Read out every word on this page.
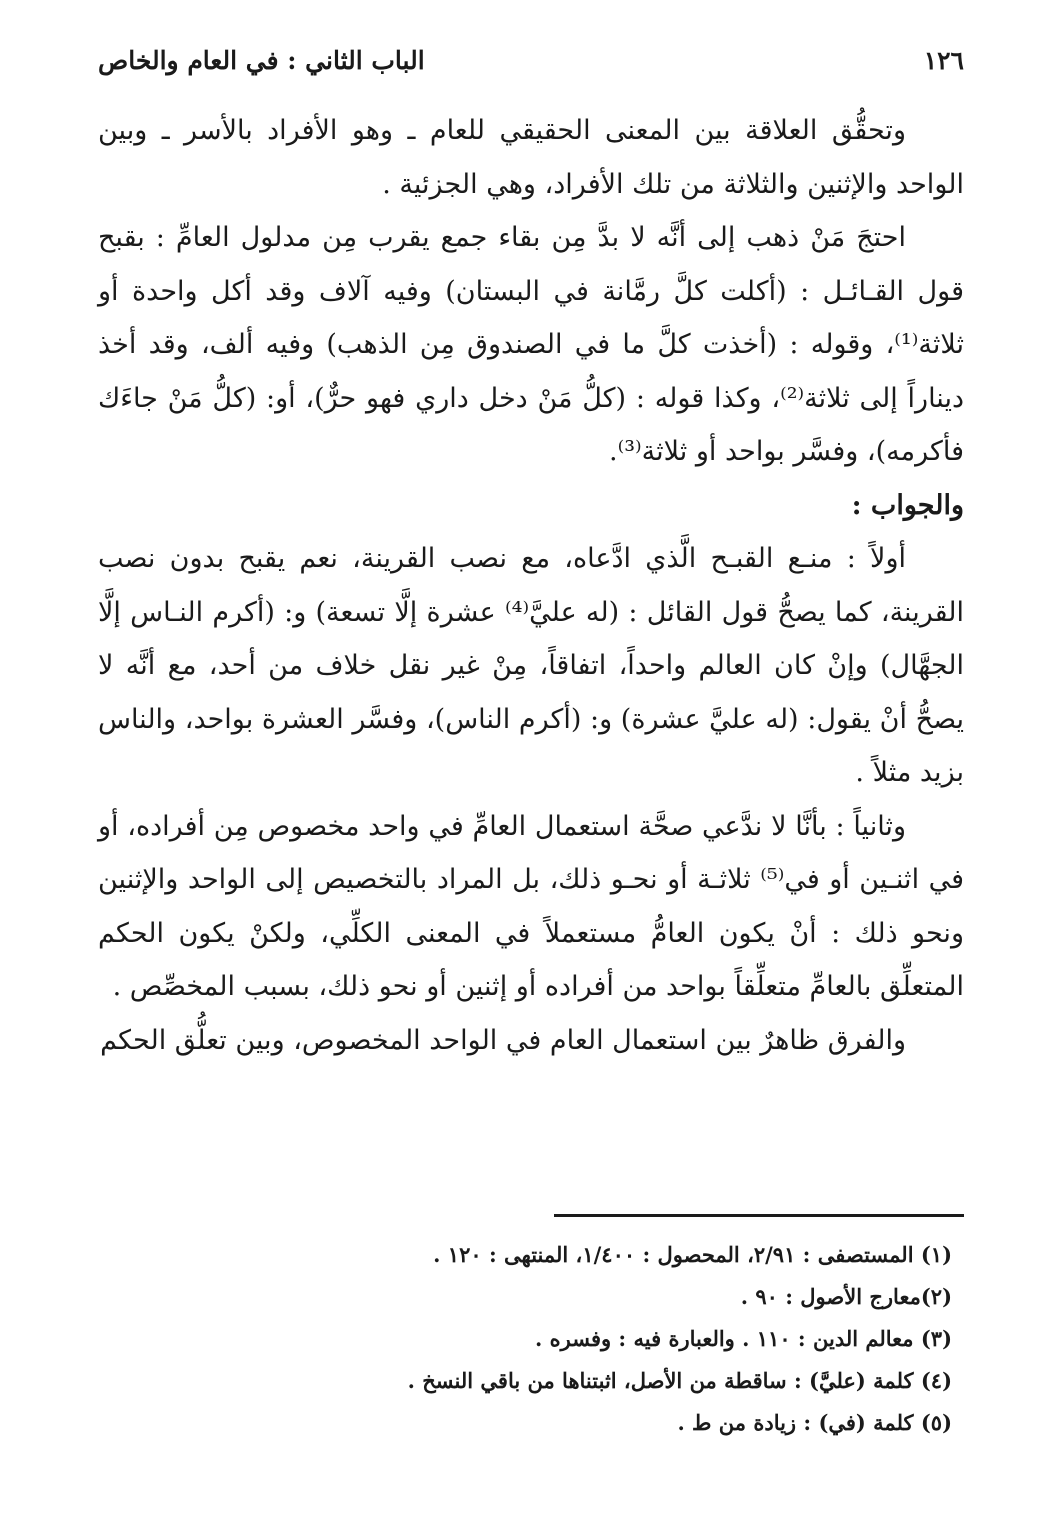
١٢٦
الباب الثاني : في العام والخاص

وتحقُّق العلاقة بين المعنى الحقيقي للعام ـ وهو الأفراد بالأسر ـ وبين الواحد والإثنين والثلاثة من تلك الأفراد، وهي الجزئية .

احتجَ مَنْ ذهب إلى أنَّه لا بدَّ مِن بقاء جمع يقرب مِن مدلول العامِّ : بقبح قول القـائـل : (أكلت كلَّ رمَّانة في البستان) وفيه آلاف وقد أكل واحدة أو ثلاثة⁽¹⁾، وقوله : (أخذت كلَّ ما في الصندوق مِن الذهب) وفيه ألف، وقد أخذ ديناراً إلى ثلاثة⁽²⁾، وكذا قوله : (كلُّ مَنْ دخل داري فهو حرٌّ)، أو: (كلُّ مَنْ جاءَك فأكرمه)، وفسَّر بواحد أو ثلاثة⁽³⁾.

والجواب :

أولاً : منـع القبـح الَّذي ادَّعاه، مع نصب القرينة، نعم يقبح بدون نصب القرينة، كما يصحُّ قول القائل : (له عليَّ⁽⁴⁾ عشرة إلَّا تسعة) و: (أكرم النـاس إلَّا الجهَّال) وإنْ كان العالم واحداً، اتفاقاً، مِنْ غير نقل خلاف من أحد، مع أنَّه لا يصحُّ أنْ يقول: (له عليَّ عشرة) و: (أكرم الناس)، وفسَّر العشرة بواحد، والناس بزيد مثلاً .

وثانياً : بأنَّا لا ندَّعي صحَّة استعمال العامِّ في واحد مخصوص مِن أفراده، أو في اثنـين أو في⁽⁵⁾ ثلاثـة أو نحـو ذلك، بل المراد بالتخصيص إلى الواحد والإثنين ونحو ذلك : أنْ يكون العامُّ مستعملاً في المعنى الكلِّي، ولكنْ يكون الحكم المتعلِّق بالعامِّ متعلِّقاً بواحد من أفراده أو إثنين أو نحو ذلك، بسبب المخصِّص .

والفرق ظاهرٌ بين استعمال العام في الواحد المخصوص، وبين تعلُّق الحكم

(١) المستصفى : ٢/٩١، المحصول : ١/٤٠٠، المنتهى : ١٢٠ .

(٢)معارج الأصول : ٩٠ .

(٣) معالم الدين : ١١٠ . والعبارة فيه : وفسره .

(٤) كلمة (عليَّ) : ساقطة من الأصل، اثبتناها من باقي النسخ .

(٥) كلمة (في) : زيادة من ط .
